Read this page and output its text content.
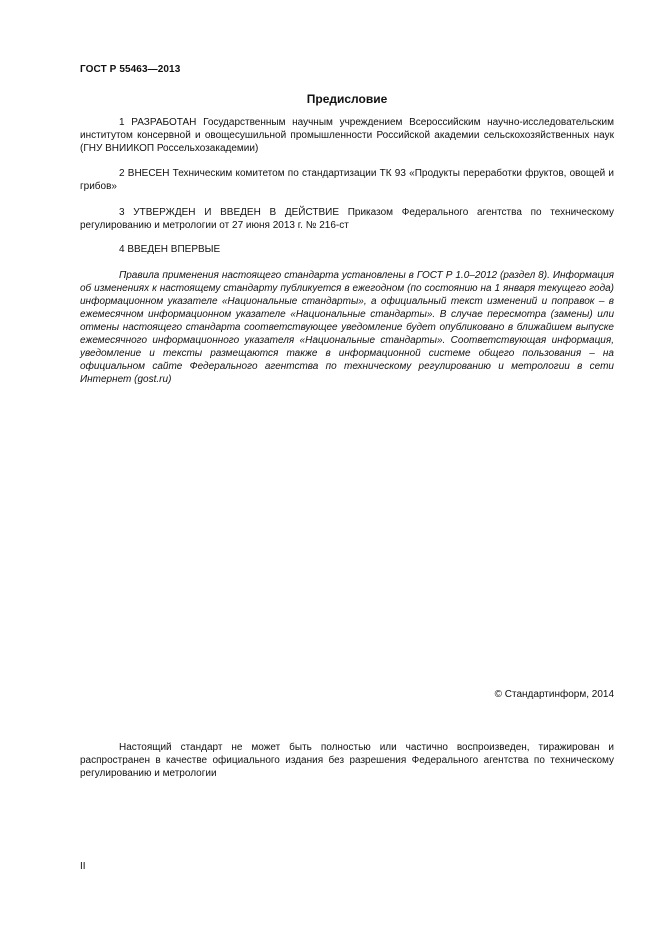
ГОСТ Р 55463—2013
Предисловие

1 РАЗРАБОТАН Государственным научным учреждением Всероссийским научно-исследовательским институтом консервной и овощесушильной промышленности Российской академии сельскохозяйственных наук (ГНУ ВНИИКОП Россельхозакадемии)

2 ВНЕСЕН Техническим комитетом по стандартизации ТК 93 «Продукты переработки фруктов, овощей и грибов»

3 УТВЕРЖДЕН И ВВЕДЕН В ДЕЙСТВИЕ Приказом Федерального агентства по техническому регулированию и метрологии от 27 июня 2013 г. № 216-ст

4 ВВЕДЕН ВПЕРВЫЕ

Правила применения настоящего стандарта установлены в ГОСТ Р 1.0–2012 (раздел 8). Информация об изменениях к настоящему стандарту публикуется в ежегодном (по состоянию на 1 января текущего года) информационном указателе «Национальные стандарты», а официальный текст изменений и поправок – в ежемесячном информационном указателе «Национальные стандарты». В случае пересмотра (замены) или отмены настоящего стандарта соответствующее уведомление будет опубликовано в ближайшем выпуске ежемесячного информационного указателя «Национальные стандарты». Соответствующая информация, уведомление и тексты размещаются также в информационной системе общего пользования – на официальном сайте Федерального агентства по техническому регулированию и метрологии в сети Интернет (gost.ru)

© Стандартинформ, 2014

Настоящий стандарт не может быть полностью или частично воспроизведен, тиражирован и распространен в качестве официального издания без разрешения Федерального агентства по техническому регулированию и метрологии

II
